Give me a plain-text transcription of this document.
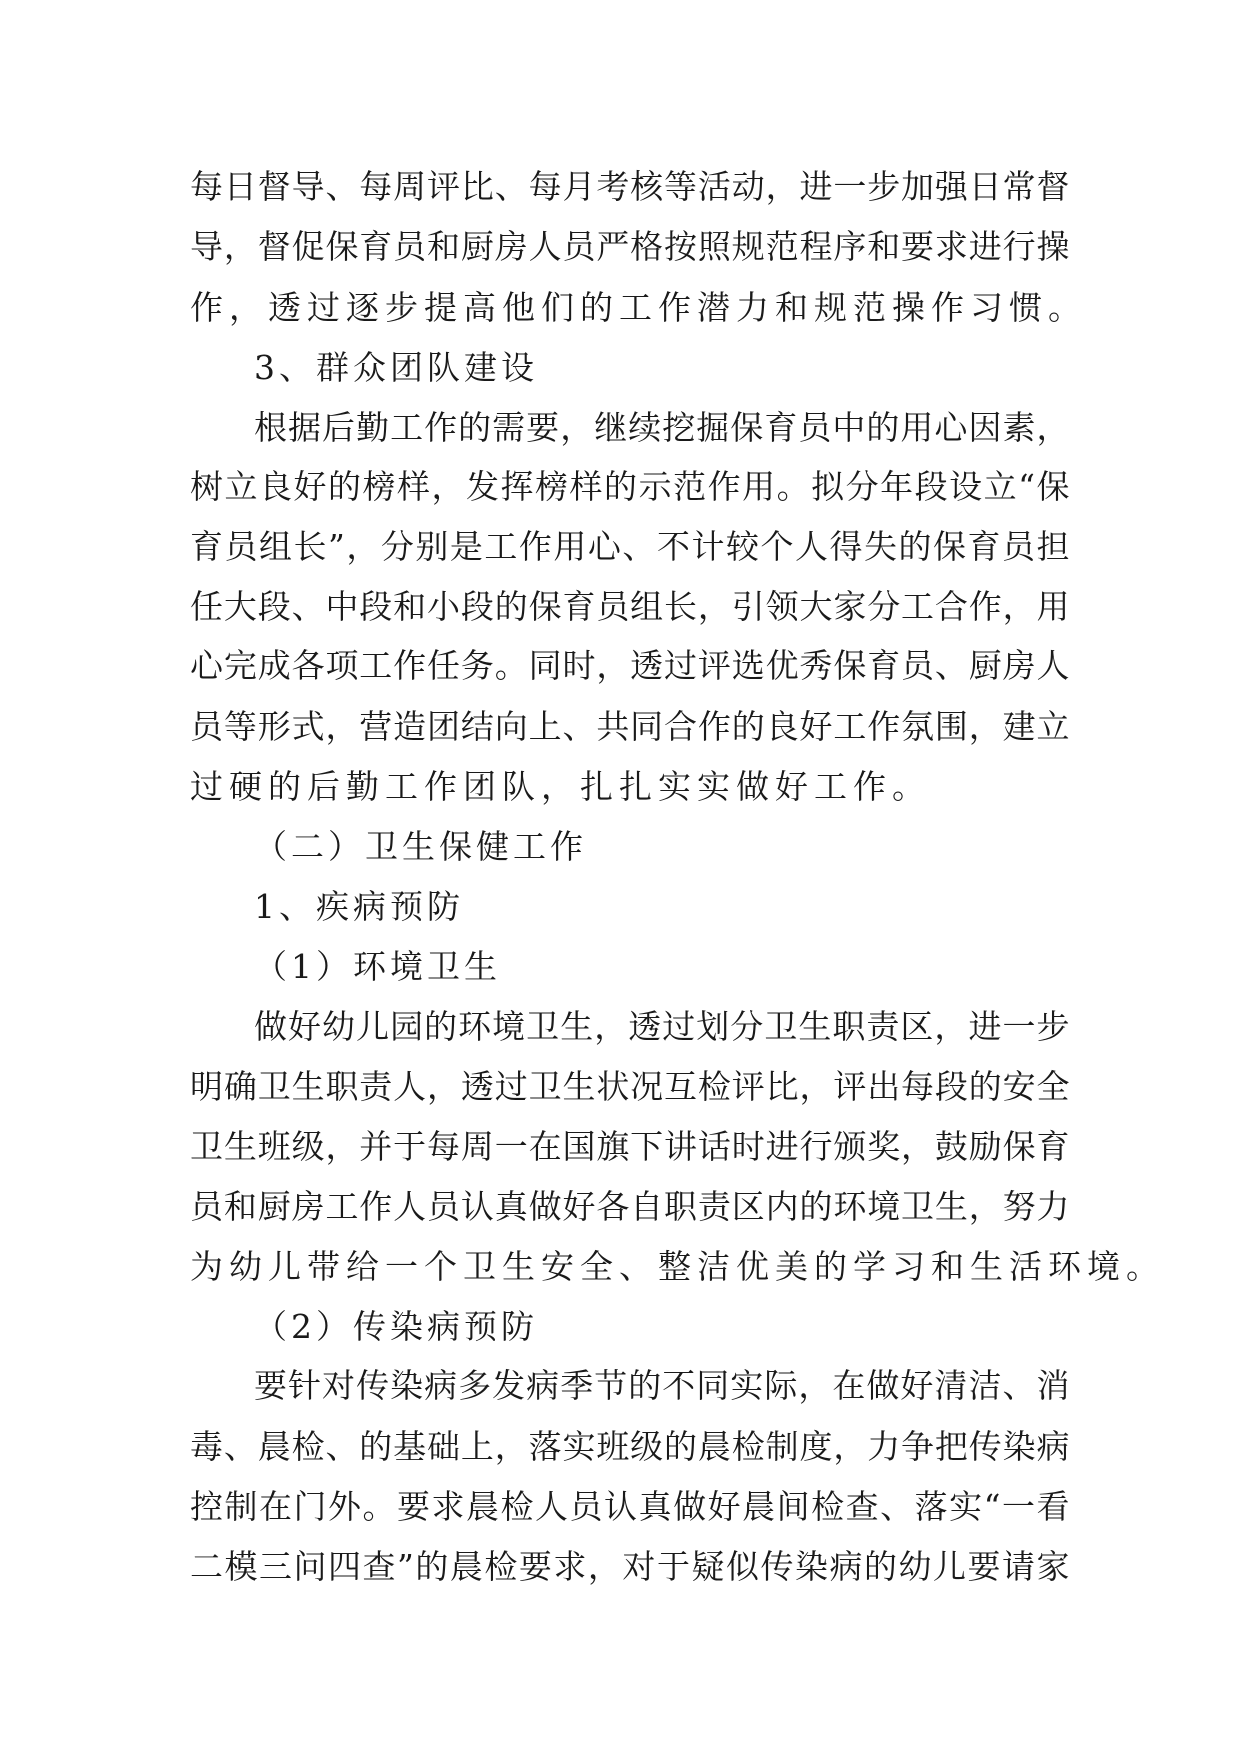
每日督导、每周评比、每月考核等活动，进一步加强日常督
导，督促保育员和厨房人员严格按照规范程序和要求进行操
作，透过逐步提高他们的工作潜力和规范操作习惯。
3、群众团队建设
根据后勤工作的需要，继续挖掘保育员中的用心因素，
树立良好的榜样，发挥榜样的示范作用。拟分年段设立“保
育员组长”，分别是工作用心、不计较个人得失的保育员担
任大段、中段和小段的保育员组长，引领大家分工合作，用
心完成各项工作任务。同时，透过评选优秀保育员、厨房人
员等形式，营造团结向上、共同合作的良好工作氛围，建立
过硬的后勤工作团队，扎扎实实做好工作。
（二）卫生保健工作
1、疾病预防
（1）环境卫生
做好幼儿园的环境卫生，透过划分卫生职责区，进一步
明确卫生职责人，透过卫生状况互检评比，评出每段的安全
卫生班级，并于每周一在国旗下讲话时进行颁奖，鼓励保育
员和厨房工作人员认真做好各自职责区内的环境卫生，努力
为幼儿带给一个卫生安全、整洁优美的学习和生活环境。
（2）传染病预防
要针对传染病多发病季节的不同实际，在做好清洁、消
毒、晨检、的基础上，落实班级的晨检制度，力争把传染病
控制在门外。要求晨检人员认真做好晨间检查、落实“一看
二模三问四查”的晨检要求，对于疑似传染病的幼儿要请家
